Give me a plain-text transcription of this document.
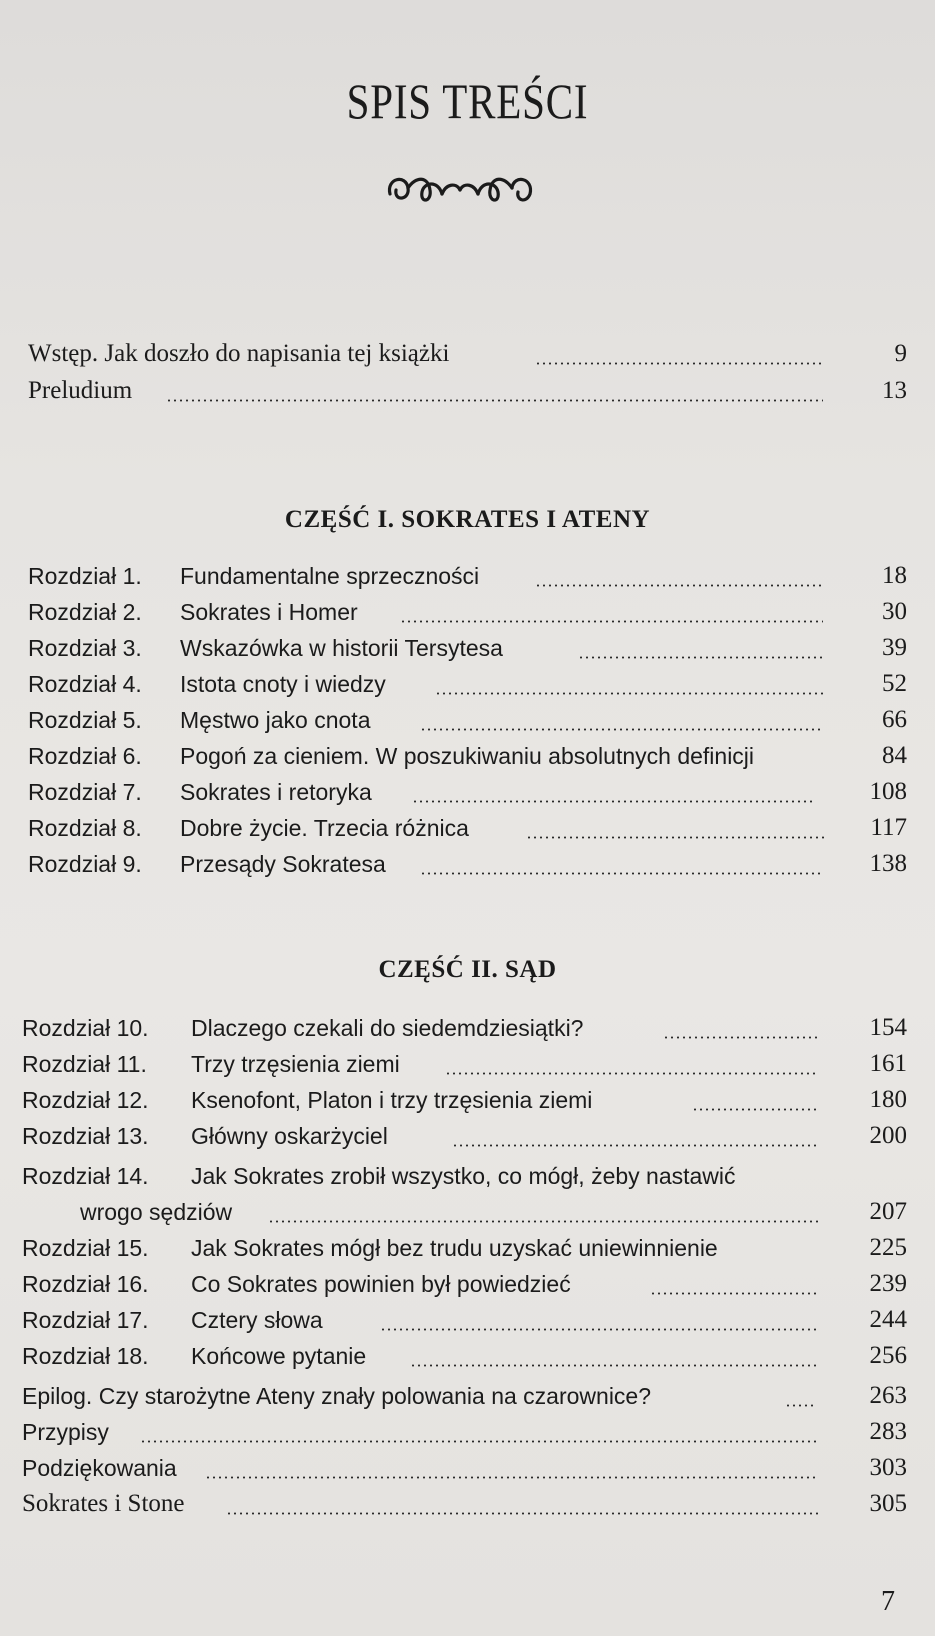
SPIS TREŚCI
Wstęp. Jak doszło do napisania tej książki	9
Preludium	13
CZĘŚĆ I. SOKRATES I ATENY
Rozdział 1. Fundamentalne sprzeczności	18
Rozdział 2. Sokrates i Homer	30
Rozdział 3. Wskazówka w historii Tersytesa	39
Rozdział 4. Istota cnoty i wiedzy	52
Rozdział 5. Męstwo jako cnota	66
Rozdział 6. Pogoń za cieniem. W poszukiwaniu absolutnych definicji	84
Rozdział 7. Sokrates i retoryka	108
Rozdział 8. Dobre życie. Trzecia różnica	117
Rozdział 9. Przesądy Sokratesa	138
CZĘŚĆ II. SĄD
Rozdział 10. Dlaczego czekali do siedemdziesiątki?	154
Rozdział 11. Trzy trzęsienia ziemi	161
Rozdział 12. Ksenofont, Platon i trzy trzęsienia ziemi	180
Rozdział 13. Główny oskarżyciel	200
Rozdział 14. Jak Sokrates zrobił wszystko, co mógł, żeby nastawić
wrogo sędziów	207
Rozdział 15. Jak Sokrates mógł bez trudu uzyskać uniewinnienie	225
Rozdział 16. Co Sokrates powinien był powiedzieć	239
Rozdział 17. Cztery słowa	244
Rozdział 18. Końcowe pytanie	256
Epilog. Czy starożytne Ateny znały polowania na czarownice?	263
Przypisy	283
Podziękowania	303
Sokrates i Stone	305
7
